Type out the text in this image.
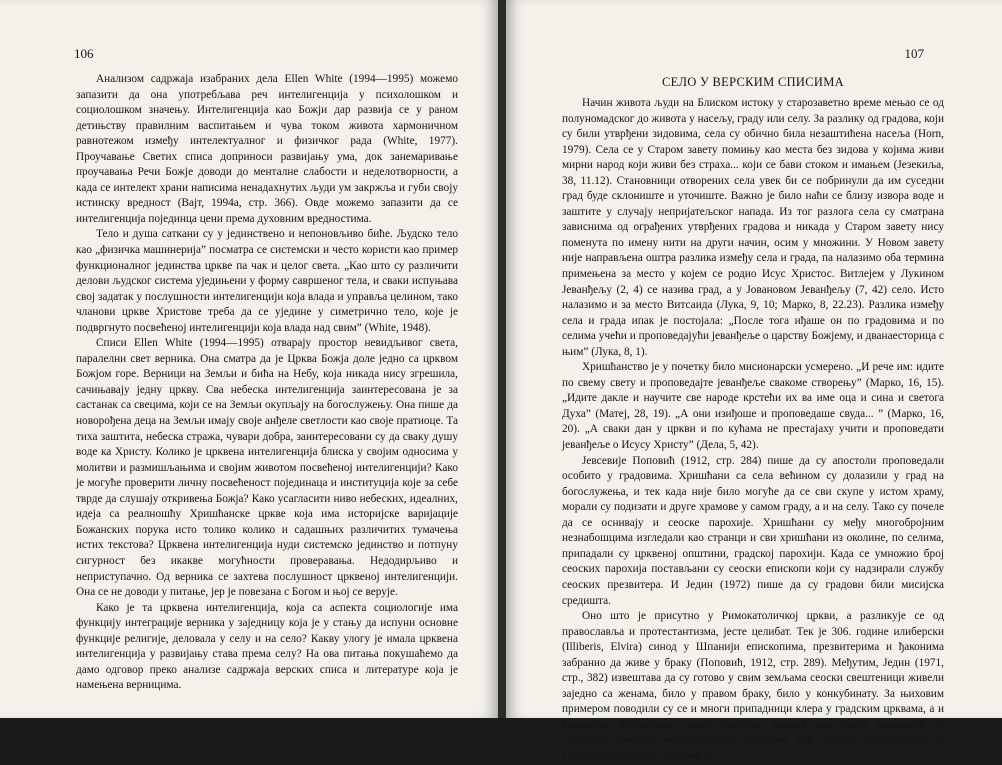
106

Анализом садржаја изабраних дела Ellen White (1994—1995) можемо запазити да она употребљава реч интелигенција у психолошком и социолошком значењу. Интелигенција као Божји дар развија се у раном детињству правилним васпитањем и чува током живота хармоничном равнотежом између интелектуалног и физичког рада (White, 1977). Проучавање Светих списа доприноси развијању ума, док занемаривање проучавања Речи Божје доводи до менталне слабости и неделотворности, а када се интелект храни написима ненадахнутих људи ум закржља и губи своју истинску вредност (Вајт, 1994а, стр. 366). Овде можемо запазити да се интелигенција појединца цени према духовним вредностима.

Тело и душа саткани су у јединствено и непоновљиво биће. Људско тело као „физичка машинерија” посматра се системски и често користи као пример функционалног јединства цркве па чак и целог света. „Као што су различити делови људског система уједињени у форму савршеног тела, и сваки испуњава свој задатак у послушности интелигенцији која влада и управља целином, тако чланови цркве Христове треба да се уједине у симетрично тело, које је подвргнуто посвећеној интелигенцији која влада над свим” (White, 1948).

Списи Ellen White (1994—1995) отварају простор невидљивог света, паралелни свет верника. Она сматра да је Црква Божја доле једно са црквом Божјом горе. Верници на Земљи и бића на Небу, која никада нису згрешила, сачињавају једну цркву. Сва небеска интелигенција заинтересована је за састанак са свецима, који се на Земљи окупљају на богослужењу. Она пише да новорођена деца на Земљи имају своје анђеле светлости као своје пратиоце. Та тиха заштита, небеска стража, чувари добра, заинтересовани су да сваку душу воде ка Христу. Колико је црквена интелигенција блиска у својим односима у молитви и размишљањима и својим животом посвећеној интелигенцији? Како је могуће проверити личну посвећеност појединаца и институција које за себе тврде да слушају откривења Божја? Како усагласити ниво небеских, идеалних, идеја са реалношћу Хришћанске цркве која има историјске варијације Божанских порука исто толико колико и садашњих различитих тумачења истих текстова? Црквена интелигенција нуди системско јединство и потпуну сигурност без икакве могућности проверавања. Недодирљиво и неприступачно. Од верника се захтева послушност црквеној интелигенцији. Она се не доводи у питање, јер је повезана с Богом и њој се верује.

Како је та црквена интелигенција, која са аспекта социологије има функцију интеграције верника у заједницу која је у стању да испуни основне функције религије, деловала у селу и на село? Какву улогу је имала црквена интелигенција у развијању става према селу? На ова питања покушаћемо да дамо одговор преко анализе садржаја верских списа и литературе која је намењена верницима.

107
СЕЛО У ВЕРСКИМ СПИСИМА

Начин живота људи на Блиском истоку у старозаветно време мењао се од полуномадског до живота у насељу, граду или селу. За разлику од градова, који су били утврђени зидовима, села су обично била незаштићена насеља (Horn, 1979). Села се у Старом завету помињу као места без зидова у којима живи мирни народ који живи без страха... који се бави стоком и имањем (Језекиља, 38, 11.12). Становници отворених села увек би се побринули да им суседни град буде склониште и уточиште. Важно је било наћи се близу извора воде и заштите у случају непријатељског напада. Из тог разлога села су сматрана зависнима од ограђених утврђених градова и никада у Старом завету нису поменута по имену нити на други начин, осим у множини. У Новом завету није направљена оштра разлика између села и града, па налазимо оба термина примењена за место у којем се родио Исус Христос. Витлејем у Лукином Јеванђељу (2, 4) се назива град, а у Јовановом Јеванђељу (7, 42) село. Исто налазимо и за место Витсаида (Лука, 9, 10; Марко, 8, 22.23). Разлика између села и града ипак је постојала: „После тога иђаше он по градовима и по селима учећи и проповедајући јеванђеље о царству Божјему, и дванаесторица с њим” (Лука, 8, 1).

Хришћанство је у почетку било мисионарски усмерено. „И рече им: идите по свему свету и проповедајте јеванђеље свакоме створењу” (Марко, 16, 15). „Идите дакле и научите све народе крстећи их ва име оца и сина и светога Духа” (Матеј, 28, 19). „А они изиђоше и проповедаше свуда... ” (Марко, 16, 20). „А сваки дан у цркви и по кућама не престајаху учити и проповедати јеванђеље о Исусу Христу” (Дела, 5, 42).

Јевсевије Поповић (1912, стр. 284) пише да су апостоли проповедали особито у градовима. Хришћани са села већином су долазили у град на богослужења, и тек када није било могуће да се сви скупе у истом храму, морали су подизати и друге храмове у самом граду, а и на селу. Тако су почеле да се оснивају и сеоске парохије. Хришћани су међу многобројним незнабошцима изгледали као странци и сви хришћани из околине, по селима, припадали су црквеној општини, градској парохији. Када се умножио број сеоских парохија постављани су сеоски епископи који су надзирали службу сеоских презвитера. И Једин (1972) пише да су градови били мисијска средишта.

Оно што је присутно у Римокатоличкој цркви, а разликује се од православља и протестантизма, јесте целибат. Тек је 306. године илиберски (Illiberis, Elvira) синод у Шпанији епископима, презвитерима и ђаконима забранио да живе у браку (Поповић, 1912, стр. 289). Међутим, Једин (1971, стр., 382) извештава да су готово у свим земљама сеоски свештеници живели заједно са женама, било у правом браку, било у конкубинату. За њиховим примером поводили су се и многи припадници клера у градским црквама, а и каноници. Конкубинат неког бискупа, монаха или опата вероватно се уопштено сматрао недопустиним; међутим, код сеоског свештенства се углавном толерисао. Њихово ни-
